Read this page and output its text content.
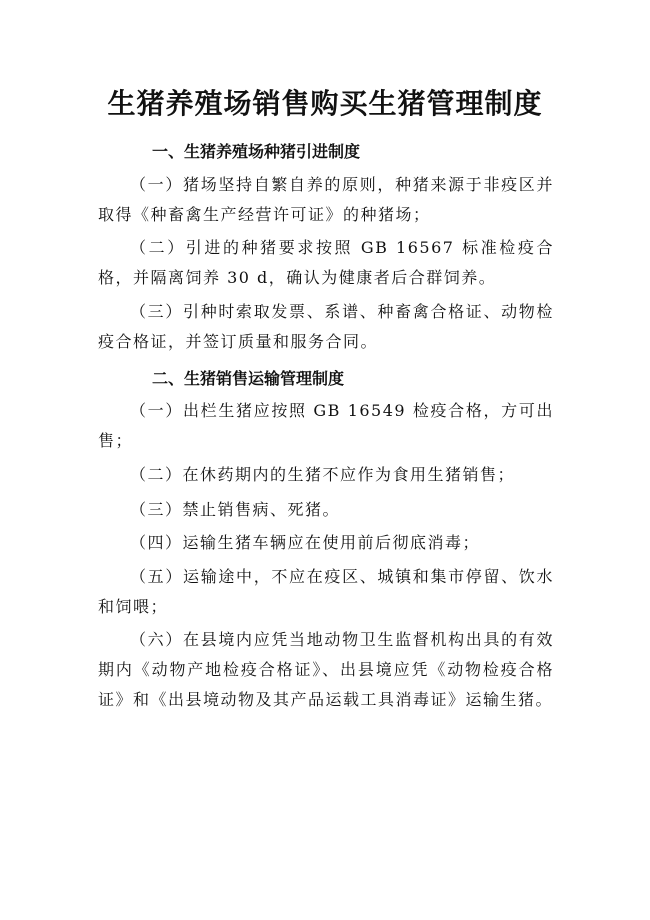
生猪养殖场销售购买生猪管理制度
一、生猪养殖场种猪引进制度

（一）猪场坚持自繁自养的原则，种猪来源于非疫区并取得《种畜禽生产经营许可证》的种猪场；

（二）引进的种猪要求按照 GB 16567 标准检疫合格，并隔离饲养 30 d，确认为健康者后合群饲养。

（三）引种时索取发票、系谱、种畜禽合格证、动物检疫合格证，并签订质量和服务合同。

二、生猪销售运输管理制度

（一）出栏生猪应按照 GB 16549 检疫合格，方可出售；

（二）在休药期内的生猪不应作为食用生猪销售；

（三）禁止销售病、死猪。

（四）运输生猪车辆应在使用前后彻底消毒；

（五）运输途中，不应在疫区、城镇和集市停留、饮水和饲喂；

（六）在县境内应凭当地动物卫生监督机构出具的有效期内《动物产地检疫合格证》、出县境应凭《动物检疫合格证》和《出县境动物及其产品运载工具消毒证》运输生猪。
